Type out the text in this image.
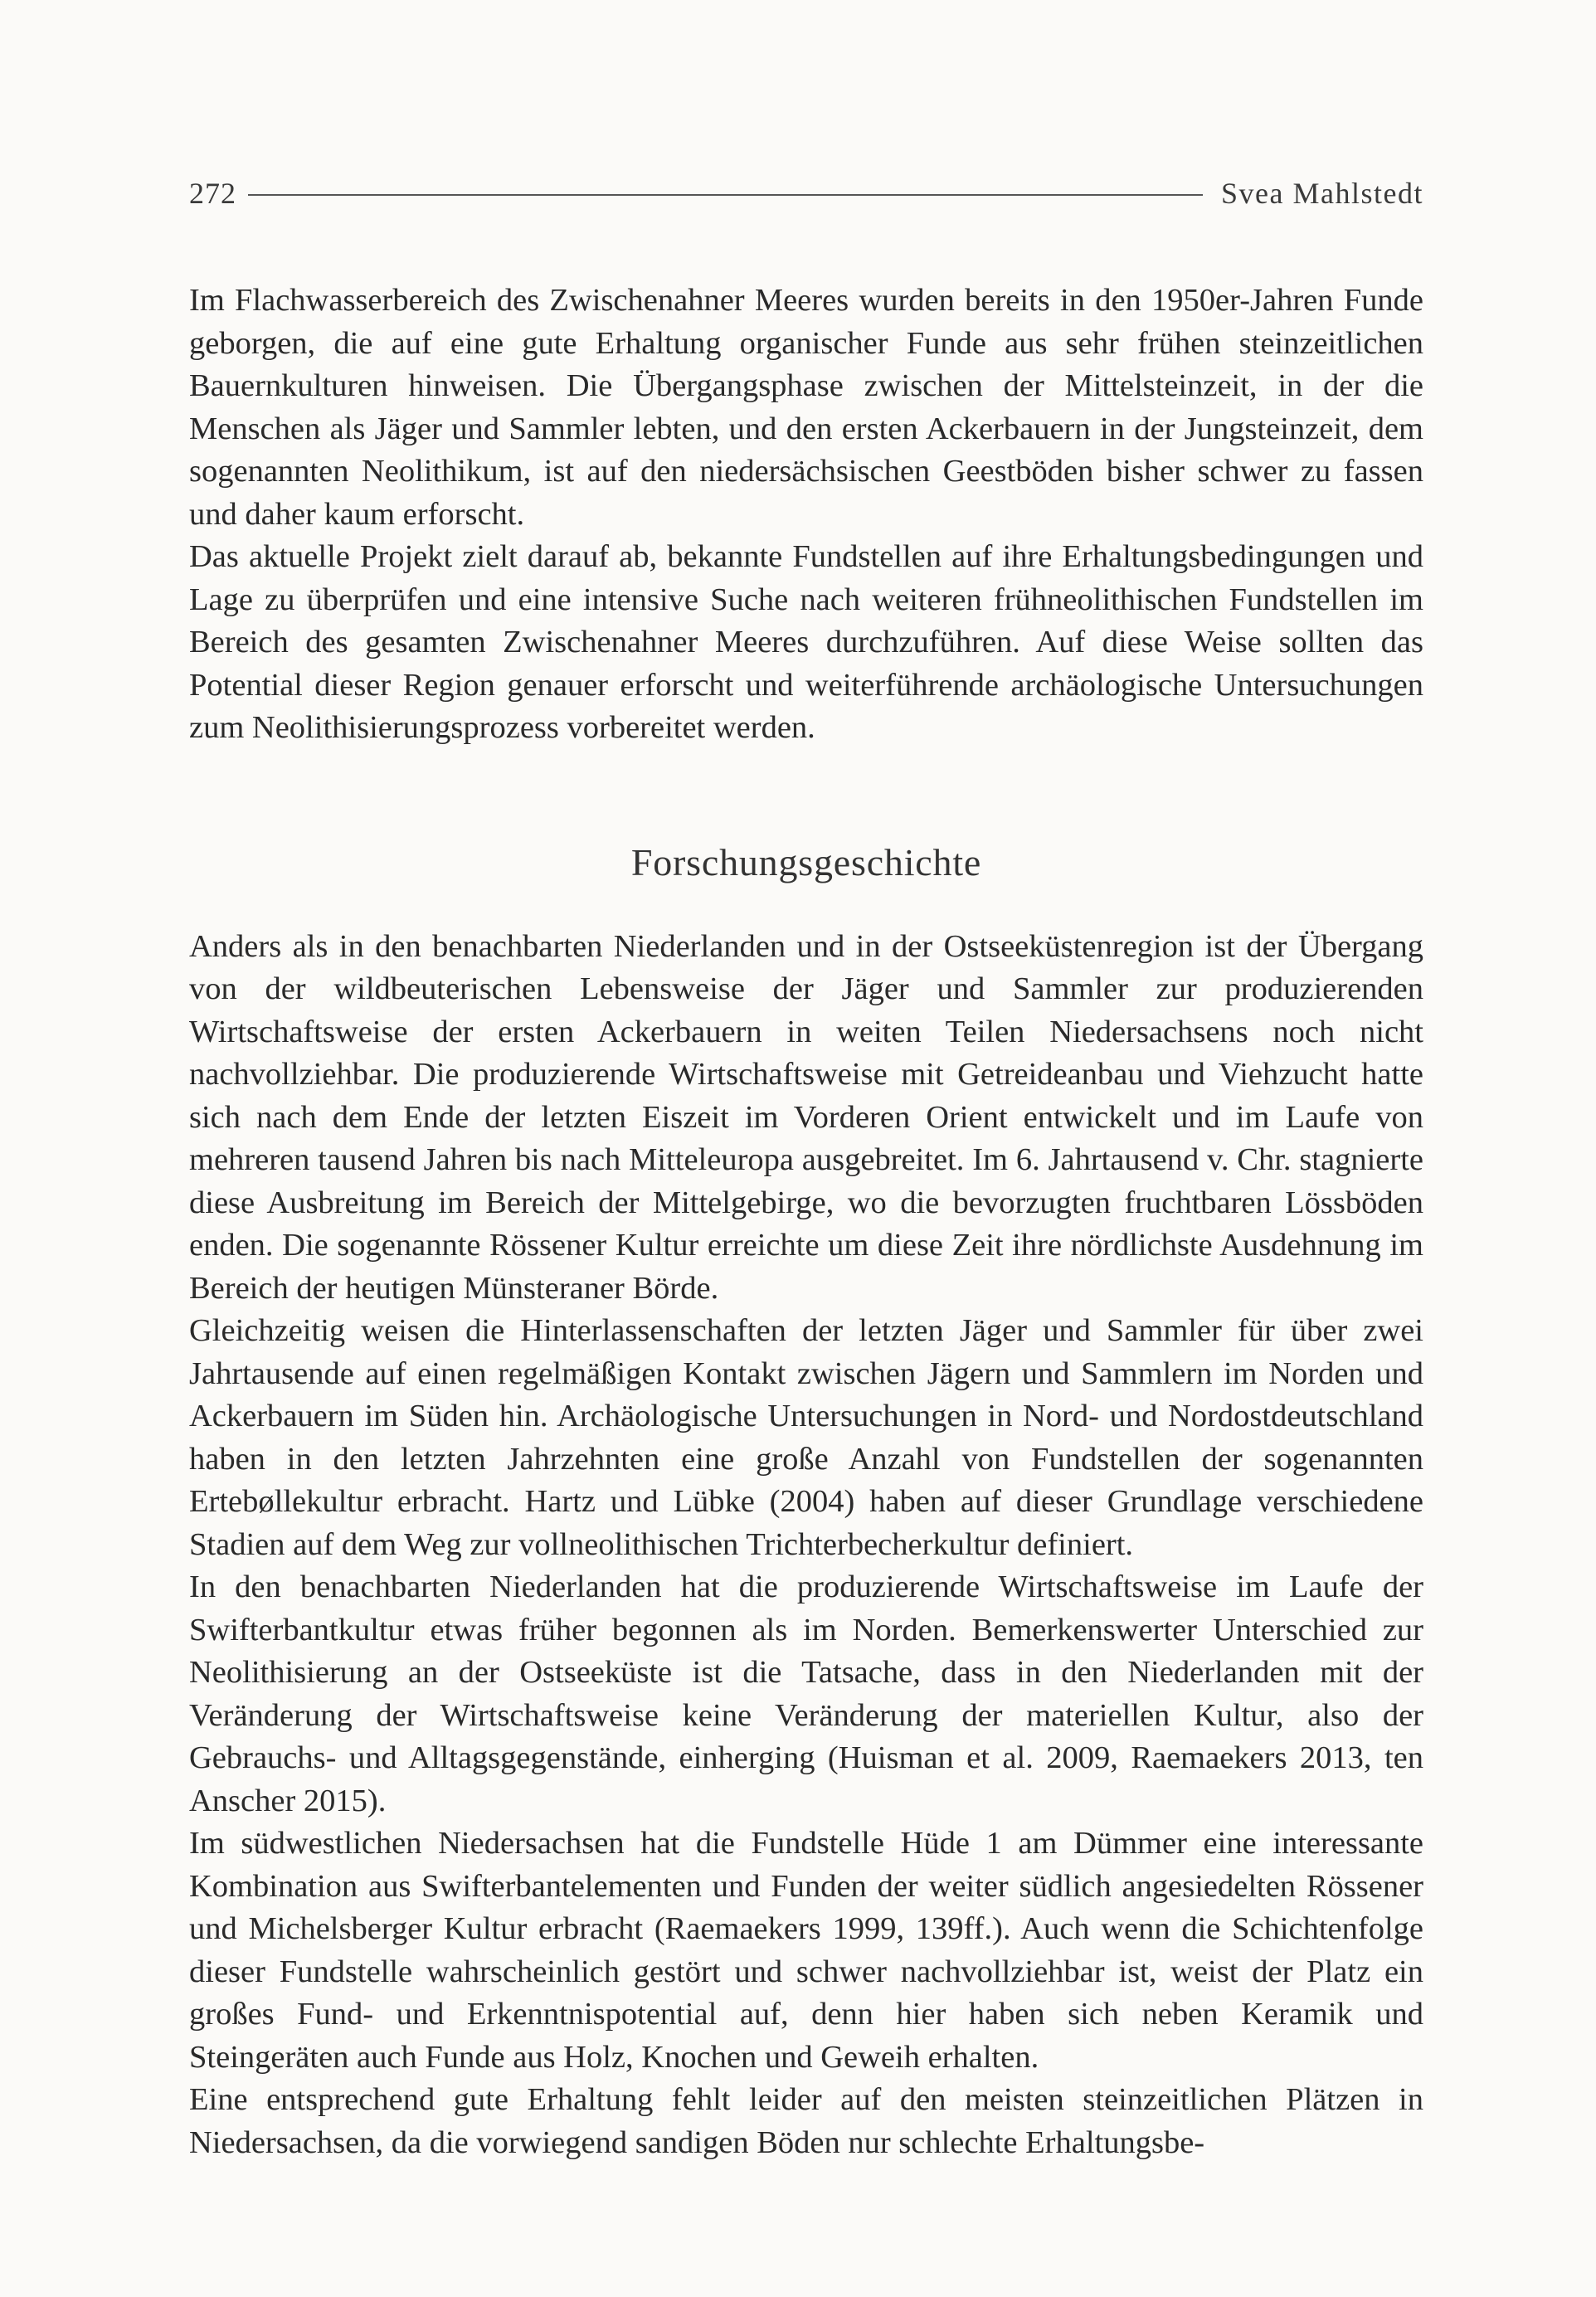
272	Svea Mahlstedt

Im Flachwasserbereich des Zwischenahner Meeres wurden bereits in den 1950er-Jahren Funde geborgen, die auf eine gute Erhaltung organischer Funde aus sehr frühen steinzeitlichen Bauernkulturen hinweisen. Die Übergangsphase zwischen der Mittelsteinzeit, in der die Menschen als Jäger und Sammler lebten, und den ersten Ackerbauern in der Jungsteinzeit, dem sogenannten Neolithikum, ist auf den niedersächsischen Geestböden bisher schwer zu fassen und daher kaum erforscht.

Das aktuelle Projekt zielt darauf ab, bekannte Fundstellen auf ihre Erhaltungsbedingungen und Lage zu überprüfen und eine intensive Suche nach weiteren frühneolithischen Fundstellen im Bereich des gesamten Zwischenahner Meeres durchzuführen. Auf diese Weise sollten das Potential dieser Region genauer erforscht und weiterführende archäologische Untersuchungen zum Neolithisierungsprozess vorbereitet werden.

Forschungsgeschichte

Anders als in den benachbarten Niederlanden und in der Ostseeküstenregion ist der Übergang von der wildbeuterischen Lebensweise der Jäger und Sammler zur produzierenden Wirtschaftsweise der ersten Ackerbauern in weiten Teilen Niedersachsens noch nicht nachvollziehbar. Die produzierende Wirtschaftsweise mit Getreideanbau und Viehzucht hatte sich nach dem Ende der letzten Eiszeit im Vorderen Orient entwickelt und im Laufe von mehreren tausend Jahren bis nach Mitteleuropa ausgebreitet. Im 6. Jahrtausend v. Chr. stagnierte diese Ausbreitung im Bereich der Mittelgebirge, wo die bevorzugten fruchtbaren Lössböden enden. Die sogenannte Rössener Kultur erreichte um diese Zeit ihre nördlichste Ausdehnung im Bereich der heutigen Münsteraner Börde.

Gleichzeitig weisen die Hinterlassenschaften der letzten Jäger und Sammler für über zwei Jahrtausende auf einen regelmäßigen Kontakt zwischen Jägern und Sammlern im Norden und Ackerbauern im Süden hin. Archäologische Untersuchungen in Nord- und Nordostdeutschland haben in den letzten Jahrzehnten eine große Anzahl von Fundstellen der sogenannten Ertebøllekultur erbracht. Hartz und Lübke (2004) haben auf dieser Grundlage verschiedene Stadien auf dem Weg zur vollneolithischen Trichterbecherkultur definiert.

In den benachbarten Niederlanden hat die produzierende Wirtschaftsweise im Laufe der Swifterbantkultur etwas früher begonnen als im Norden. Bemerkenswerter Unterschied zur Neolithisierung an der Ostseeküste ist die Tatsache, dass in den Niederlanden mit der Veränderung der Wirtschaftsweise keine Veränderung der materiellen Kultur, also der Gebrauchs- und Alltagsgegenstände, einherging (Huisman et al. 2009, Raemaekers 2013, ten Anscher 2015).

Im südwestlichen Niedersachsen hat die Fundstelle Hüde 1 am Dümmer eine interessante Kombination aus Swifterbantelementen und Funden der weiter südlich angesiedelten Rössener und Michelsberger Kultur erbracht (Raemaekers 1999, 139ff.). Auch wenn die Schichtenfolge dieser Fundstelle wahrscheinlich gestört und schwer nachvollziehbar ist, weist der Platz ein großes Fund- und Erkenntnispotential auf, denn hier haben sich neben Keramik und Steingeräten auch Funde aus Holz, Knochen und Geweih erhalten.

Eine entsprechend gute Erhaltung fehlt leider auf den meisten steinzeitlichen Plätzen in Niedersachsen, da die vorwiegend sandigen Böden nur schlechte Erhaltungsbe-
